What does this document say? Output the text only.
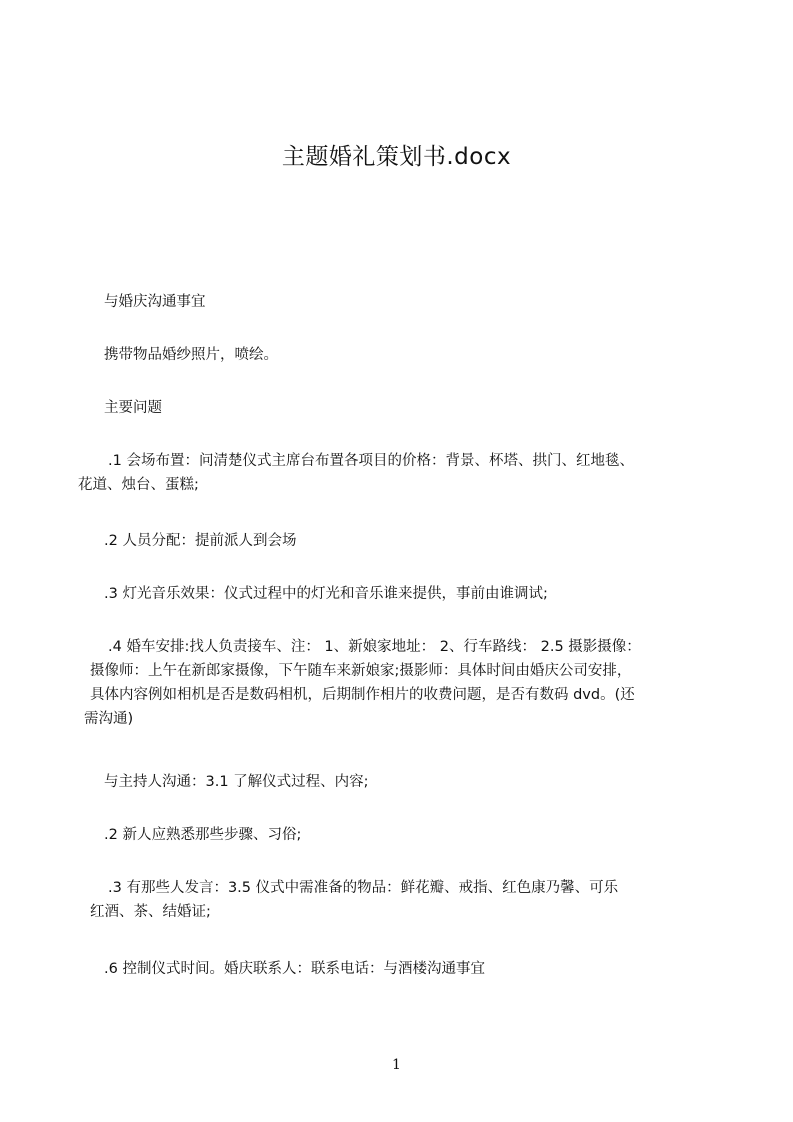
主题婚礼策划书.docx
与婚庆沟通事宜
携带物品婚纱照片，喷绘。
主要问题
.1 会场布置：问清楚仪式主席台布置各项目的价格：背景、杯塔、拱门、红地毯、
花道、烛台、蛋糕;
.2 人员分配：提前派人到会场
.3 灯光音乐效果：仪式过程中的灯光和音乐谁来提供，事前由谁调试;
.4 婚车安排:找人负责接车、注： 1、新娘家地址： 2、行车路线： 2.5 摄影摄像：
摄像师：上午在新郎家摄像，下午随车来新娘家;摄影师：具体时间由婚庆公司安排，
具体内容例如相机是否是数码相机，后期制作相片的收费问题，是否有数码 dvd。(还
需沟通)
与主持人沟通：3.1 了解仪式过程、内容;
.2 新人应熟悉那些步骤、习俗;
.3 有那些人发言：3.5 仪式中需准备的物品：鲜花瓣、戒指、红色康乃馨、可乐
红酒、茶、结婚证;
.6 控制仪式时间。婚庆联系人：联系电话：与酒楼沟通事宜
1
